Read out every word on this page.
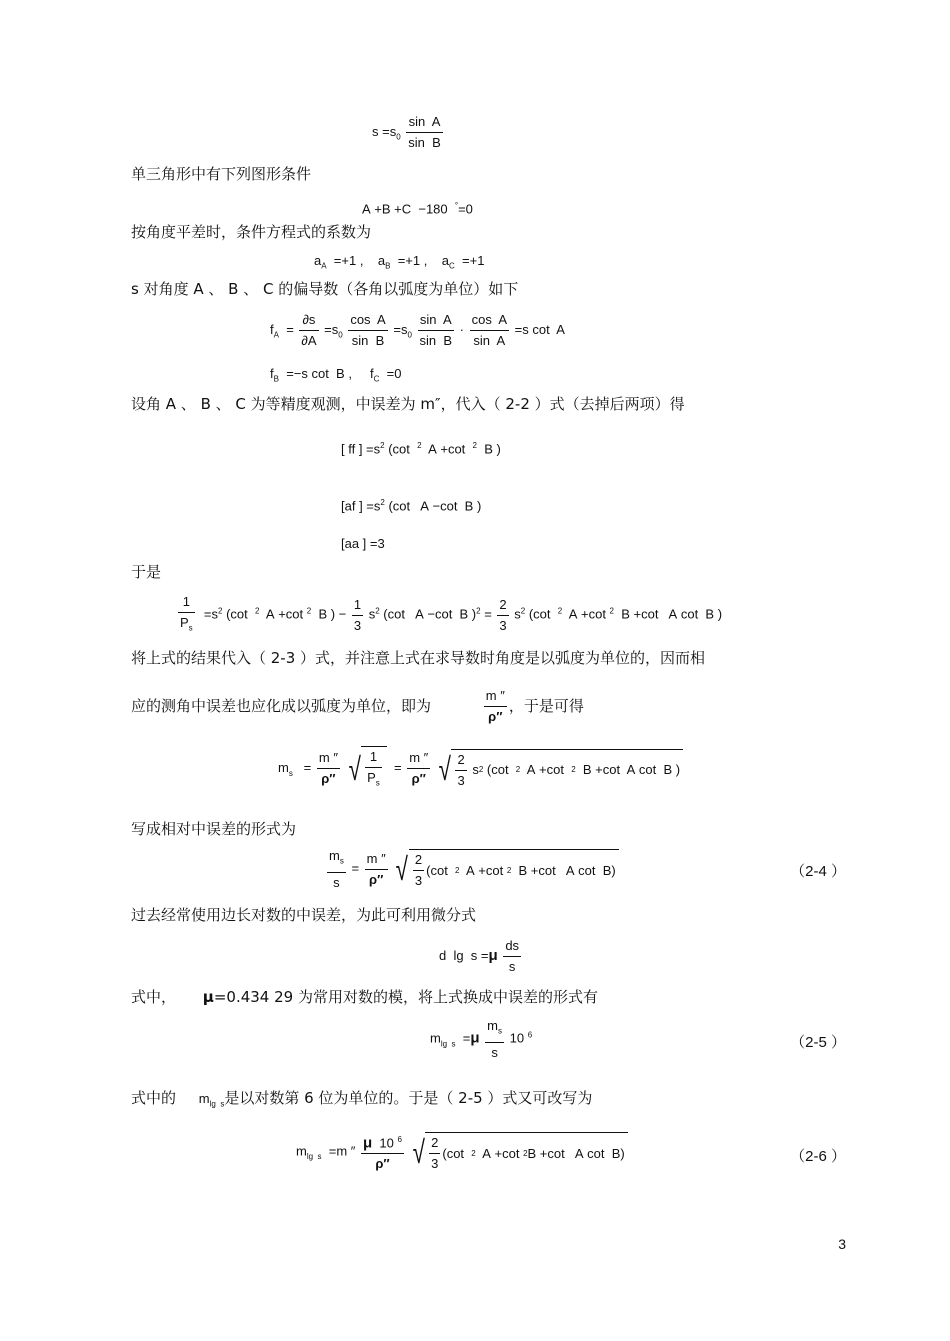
$s =s_0 \frac{\text{sin  A}}{\text{sin  B}}$
单三角形中有下列图形条件
A +B +C  −180  °=0
按角度平差时，条件方程式的系数为
$a_A =+1$ ,    $a_B =+1$ ,    $a_C =+1$
s 对角度 A 、 B 、 C 的偏导数（各角以弧度为单位）如下
$f_A = \frac{\partial s}{\partial A} =s_0 \frac{\text{cos  A}}{\text{sin  B}} =s_0 \frac{\text{sin  A}}{\text{sin  B}} \cdot \frac{\text{cos  A}}{\text{sin  A}} =s$ cot  A
$f_B =-s$ cot  B ,     $f_C =0$
设角 A 、 B 、 C 为等精度观测，中误差为 m″，代入（ 2-2 ）式（去掉后两项）得
[ ff ] $=s^2$ (cot  $^2$  A +cot  $^2$  B )
[af ] $=s^2$ (cot   A −cot  B )
[aa ] =3
于是
$\frac{1}{P_s} =s^2$ (cot  $^2$  A +cot $^2$  B ) − $\frac{1}{3} s^2$ (cot   A −cot  B )$^2 = \frac{2}{3} s^2$ (cot  $^2$  A +cot $^2$  B +cot   A cot  B )
将上式的结果代入（ 2-3 ）式，并注意上式在求导数时角度是以弧度为单位的，因而相
应的测角中误差也应化成以弧度为单位，即为	$\frac{m ''}{\rho''}$ ，于是可得
$m_s = \frac{m ''}{\rho''}$
√ $\frac{1}{P_s} = \frac{m ''}{\rho''}$
√ $\frac{2}{3}$ s 2 (cot 2 A +cot 2 B +cot  A cot  B )
写成相对中误差的形式为
$\frac{m_s}{s} = \frac{m ''}{\rho''}$
√ $\frac{2}{3} (\cot$ 2 A +cot 2 B +cot   A cot  B)	（2-4 ）
过去经常使用边长对数的中误差，为此可利用微分式
d  $\lg s =\mu \frac{ds}{s}$
式中， μ=0.434 29 为常用对数的模，将上式换成中误差的形式有
$m_{lg s} =\mu \frac{m_s}{s} 10$ $^6$	（2-5 ）
式中的 $m_{lg s}$是以对数第 6 位为单位的。于是（ 2-5 ）式又可改写为
$m_{lg s} =m$ ″ $\frac{\mu 10 ^6}{\rho''}$
√ $\frac{2}{3} (\cot$ 2 A +cot 2 B +cot   A cot  B)	（2-6 ）
3
